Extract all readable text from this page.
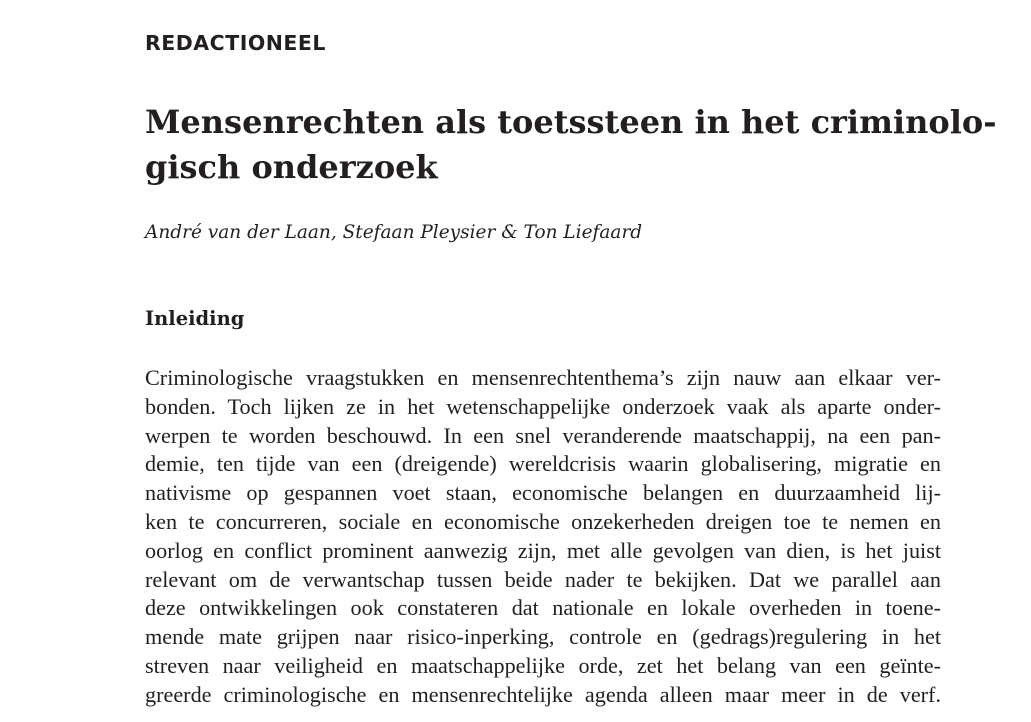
REDACTIONEEL
Mensenrechten als toetssteen in het criminolo-
gisch onderzoek
André van der Laan, Stefaan Pleysier & Ton Liefaard
Inleiding
Criminologische vraagstukken en mensenrechtenthema’s zijn nauw aan elkaar ver-
bonden. Toch lijken ze in het wetenschappelijke onderzoek vaak als aparte onder-
werpen te worden beschouwd. In een snel veranderende maatschappij, na een pan-
demie, ten tijde van een (dreigende) wereldcrisis waarin globalisering, migratie en
nativisme op gespannen voet staan, economische belangen en duurzaamheid lij-
ken te concurreren, sociale en economische onzekerheden dreigen toe te nemen en
oorlog en conflict prominent aanwezig zijn, met alle gevolgen van dien, is het juist
relevant om de verwantschap tussen beide nader te bekijken. Dat we parallel aan
deze ontwikkelingen ook constateren dat nationale en lokale overheden in toene-
mende mate grijpen naar risico-inperking, controle en (gedrags)regulering in het
streven naar veiligheid en maatschappelijke orde, zet het belang van een geïnte-
greerde criminologische en mensenrechtelijke agenda alleen maar meer in de verf.
